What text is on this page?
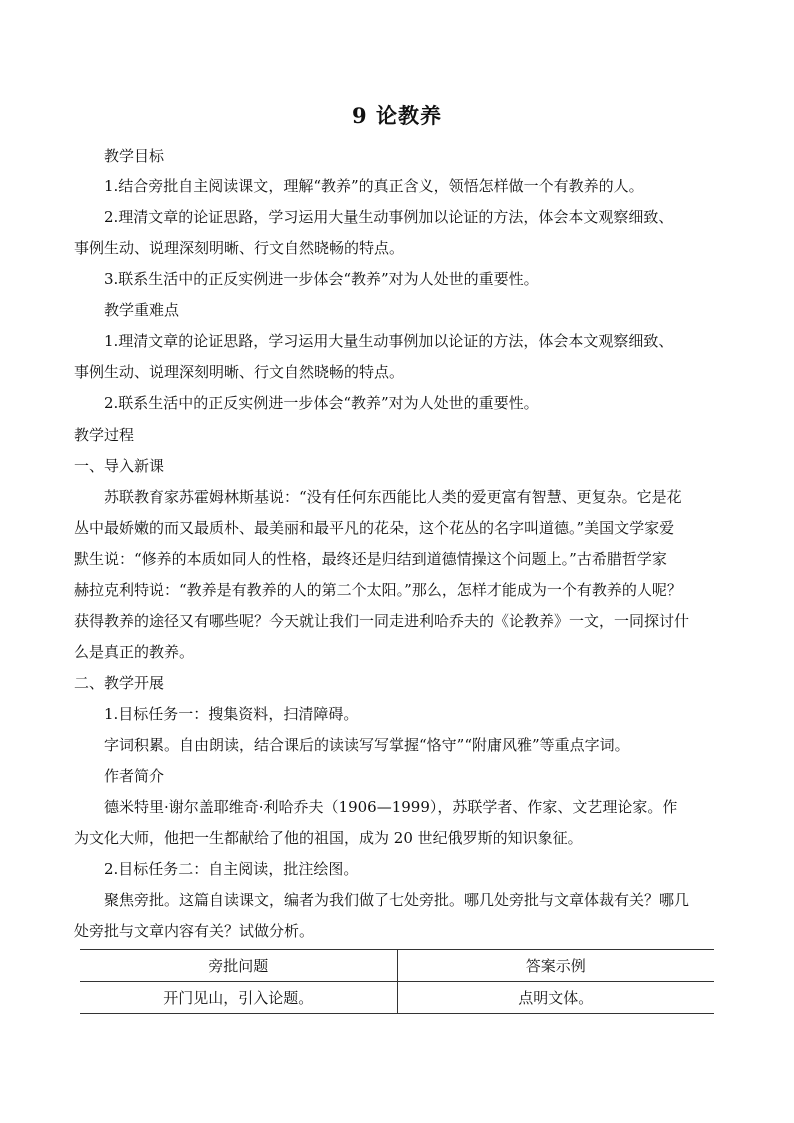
9 论教养
教学目标
1.结合旁批自主阅读课文，理解“教养”的真正含义，领悟怎样做一个有教养的人。
2.理清文章的论证思路，学习运用大量生动事例加以论证的方法，体会本文观察细致、
事例生动、说理深刻明晰、行文自然晓畅的特点。
3.联系生活中的正反实例进一步体会“教养”对为人处世的重要性。
教学重难点
1.理清文章的论证思路，学习运用大量生动事例加以论证的方法，体会本文观察细致、
事例生动、说理深刻明晰、行文自然晓畅的特点。
2.联系生活中的正反实例进一步体会“教养”对为人处世的重要性。
教学过程
一、导入新课
苏联教育家苏霍姆林斯基说：“没有任何东西能比人类的爱更富有智慧、更复杂。它是花
丛中最娇嫩的而又最质朴、最美丽和最平凡的花朵，这个花丛的名字叫道德。”美国文学家爱
默生说：“修养的本质如同人的性格，最终还是归结到道德情操这个问题上。”古希腊哲学家
赫拉克利特说：“教养是有教养的人的第二个太阳。”那么，怎样才能成为一个有教养的人呢？
获得教养的途径又有哪些呢？今天就让我们一同走进利哈乔夫的《论教养》一文，一同探讨什
么是真正的教养。
二、教学开展
1.目标任务一：搜集资料，扫清障碍。
字词积累。自由朗读，结合课后的读读写写掌握“恪守”“附庸风雅”等重点字词。
作者简介
德米特里·谢尔盖耶维奇·利哈乔夫（1906—1999），苏联学者、作家、文艺理论家。作
为文化大师，他把一生都献给了他的祖国，成为 20 世纪俄罗斯的知识象征。
2.目标任务二：自主阅读，批注绘图。
聚焦旁批。这篇自读课文，编者为我们做了七处旁批。哪几处旁批与文章体裁有关？哪几
处旁批与文章内容有关？试做分析。
旁批问题	答案示例
开门见山，引入论题。	点明文体。
